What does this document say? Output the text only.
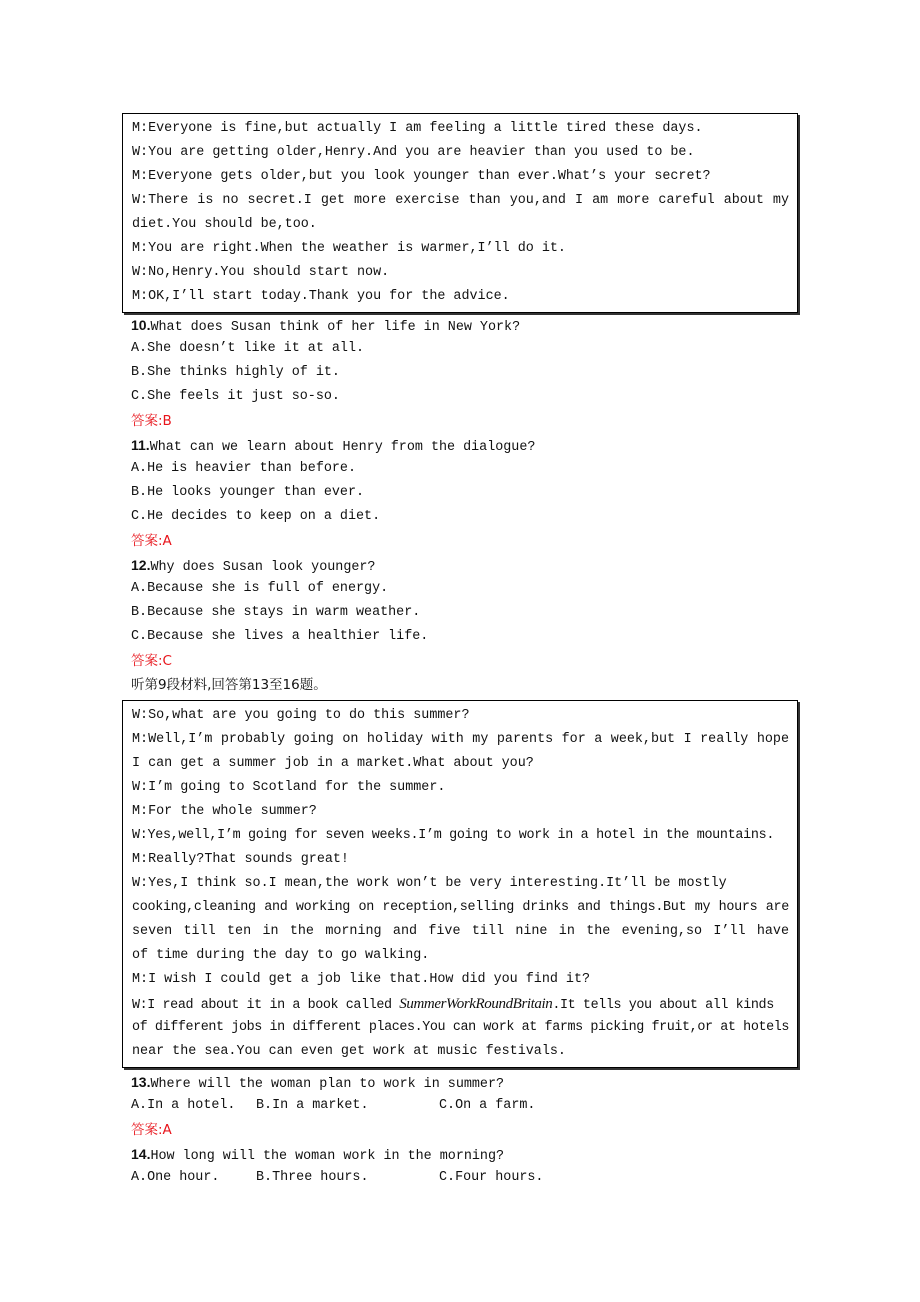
M:Everyone is fine,but actually I am feeling a little tired these days.
W:You are getting older,Henry.And you are heavier than you used to be.
M:Everyone gets older,but you look younger than ever.What’s your secret?
W:There is no secret.I get more exercise than you,and I am more careful about my
diet.You should be,too.
M:You are right.When the weather is warmer,I’ll do it.
W:No,Henry.You should start now.
M:OK,I’ll start today.Thank you for the advice.
10.What does Susan think of her life in New York?
A.She doesn’t like it at all.
B.She thinks highly of it.
C.She feels it just so-so.
答案:B
11.What can we learn about Henry from the dialogue?
A.He is heavier than before.
B.He looks younger than ever.
C.He decides to keep on a diet.
答案:A
12.Why does Susan look younger?
A.Because she is full of energy.
B.Because she stays in warm weather.
C.Because she lives a healthier life.
答案:C
听第9段材料,回答第13至16题。
W:So,what are you going to do this summer?
M:Well,I’m probably going on holiday with my parents for a week,but I really hope
I can get a summer job in a market.What about you?
W:I’m going to Scotland for the summer.
M:For the whole summer?
W:Yes,well,I’m going for seven weeks.I’m going to work in a hotel in the mountains.
M:Really?That sounds great!
W:Yes,I think so.I mean,the work won’t be very interesting.It’ll be mostly
cooking,cleaning and working on reception,selling drinks and things.But my hours are
seven till ten in the morning and five till nine in the evening,so I’ll have
of time during the day to go walking.
M:I wish I could get a job like that.How did you find it?
W:I read about it in a book called SummerWorkRoundBritain.It tells you about all kinds
of different jobs in different places.You can work at farms picking fruit,or at hotels
near the sea.You can even get work at music festivals.
13.Where will the woman plan to work in summer?
A.In a hotel. B.In a market.	C.On a farm.
答案:A
14.How long will the woman work in the morning?
A.One hour.	B.Three hours.	C.Four hours.
